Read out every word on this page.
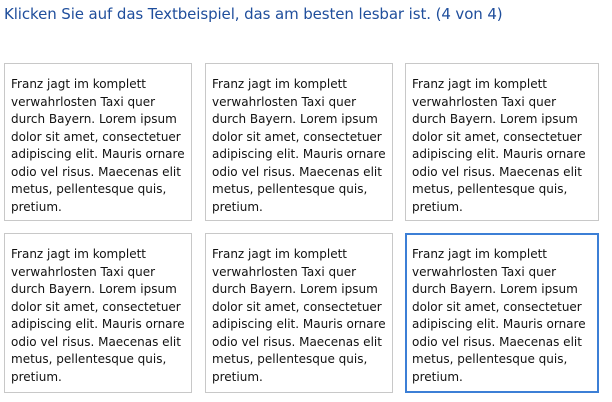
Klicken Sie auf das Textbeispiel, das am besten lesbar ist. (4 von 4)
Franz jagt im komplett verwahrlosten Taxi quer durch Bayern. Lorem ipsum dolor sit amet, consectetuer adipiscing elit. Mauris ornare odio vel risus. Maecenas elit metus, pellentesque quis, pretium.
Franz jagt im komplett verwahrlosten Taxi quer durch Bayern. Lorem ipsum dolor sit amet, consectetuer adipiscing elit. Mauris ornare odio vel risus. Maecenas elit metus, pellentesque quis, pretium.
Franz jagt im komplett verwahrlosten Taxi quer durch Bayern. Lorem ipsum dolor sit amet, consectetuer adipiscing elit. Mauris ornare odio vel risus. Maecenas elit metus, pellentesque quis, pretium.
Franz jagt im komplett verwahrlosten Taxi quer durch Bayern. Lorem ipsum dolor sit amet, consectetuer adipiscing elit. Mauris ornare odio vel risus. Maecenas elit metus, pellentesque quis, pretium.
Franz jagt im komplett verwahrlosten Taxi quer durch Bayern. Lorem ipsum dolor sit amet, consectetuer adipiscing elit. Mauris ornare odio vel risus. Maecenas elit metus, pellentesque quis, pretium.
Franz jagt im komplett verwahrlosten Taxi quer durch Bayern. Lorem ipsum dolor sit amet, consectetuer adipiscing elit. Mauris ornare odio vel risus. Maecenas elit metus, pellentesque quis, pretium.
